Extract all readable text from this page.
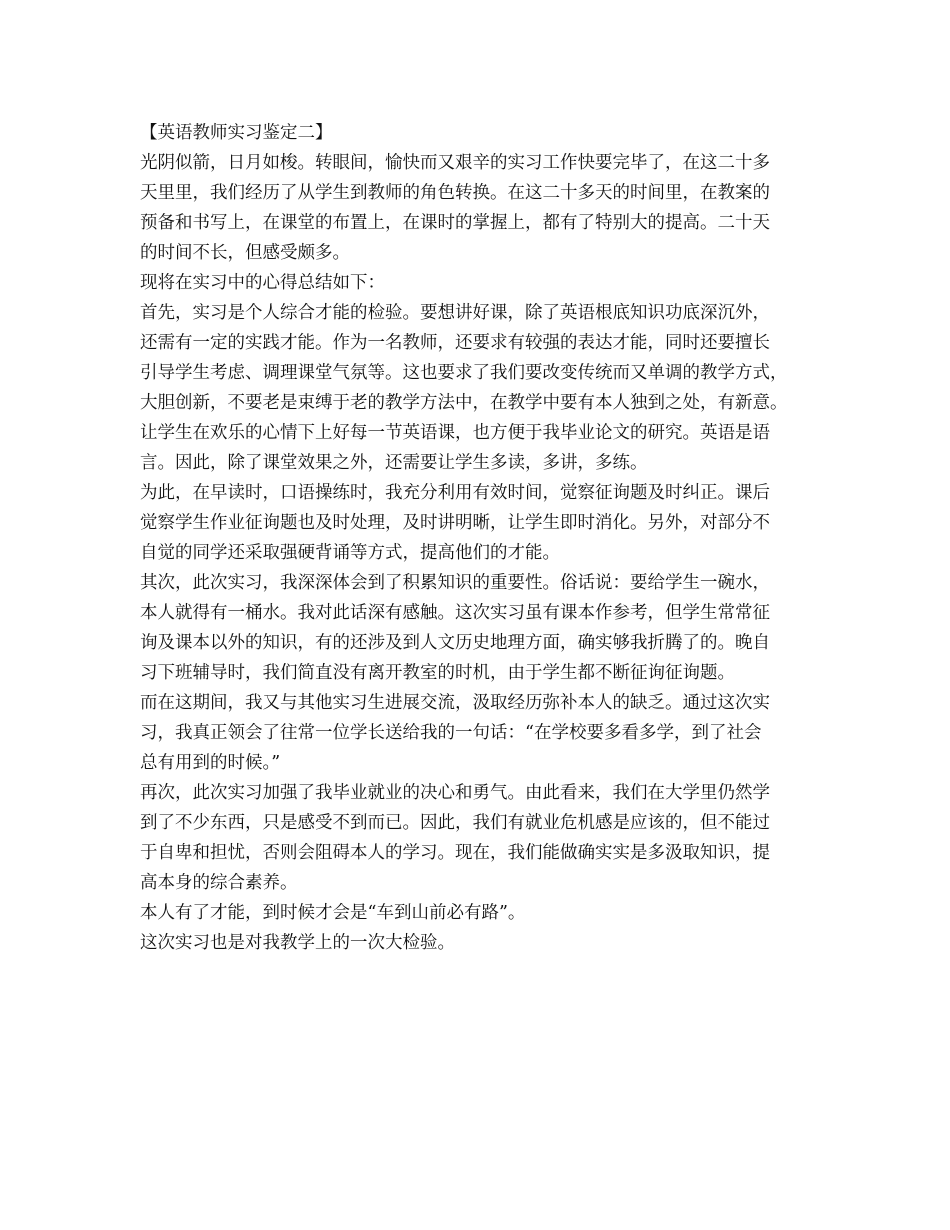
【英语教师实习鉴定二】

光阴似箭，日月如梭。转眼间，愉快而又艰辛的实习工作快要完毕了，在这二十多
天里里，我们经历了从学生到教师的角色转换。在这二十多天的时间里，在教案的
预备和书写上，在课堂的布置上，在课时的掌握上，都有了特别大的提高。二十天
的时间不长，但感受颇多。
现将在实习中的心得总结如下：
首先，实习是个人综合才能的检验。要想讲好课，除了英语根底知识功底深沉外，
还需有一定的实践才能。作为一名教师，还要求有较强的表达才能，同时还要擅长
引导学生考虑、调理课堂气氛等。这也要求了我们要改变传统而又单调的教学方式，
大胆创新，不要老是束缚于老的教学方法中，在教学中要有本人独到之处，有新意。
让学生在欢乐的心情下上好每一节英语课，也方便于我毕业论文的研究。英语是语
言。因此，除了课堂效果之外，还需要让学生多读，多讲，多练。
为此，在早读时，口语操练时，我充分利用有效时间，觉察征询题及时纠正。课后
觉察学生作业征询题也及时处理，及时讲明晰，让学生即时消化。另外，对部分不
自觉的同学还采取强硬背诵等方式，提高他们的才能。
其次，此次实习，我深深体会到了积累知识的重要性。俗话说：要给学生一碗水，
本人就得有一桶水。我对此话深有感触。这次实习虽有课本作参考，但学生常常征
询及课本以外的知识，有的还涉及到人文历史地理方面，确实够我折腾了的。晚自
习下班辅导时，我们简直没有离开教室的时机，由于学生都不断征询征询题。
而在这期间，我又与其他实习生进展交流，汲取经历弥补本人的缺乏。通过这次实
习，我真正领会了往常一位学长送给我的一句话：“在学校要多看多学，到了社会
总有用到的时候。”
再次，此次实习加强了我毕业就业的决心和勇气。由此看来，我们在大学里仍然学
到了不少东西，只是感受不到而已。因此，我们有就业危机感是应该的，但不能过
于自卑和担忧，否则会阻碍本人的学习。现在，我们能做确实实是多汲取知识，提
高本身的综合素养。
本人有了才能，到时候才会是“车到山前必有路”。
这次实习也是对我教学上的一次大检验。
